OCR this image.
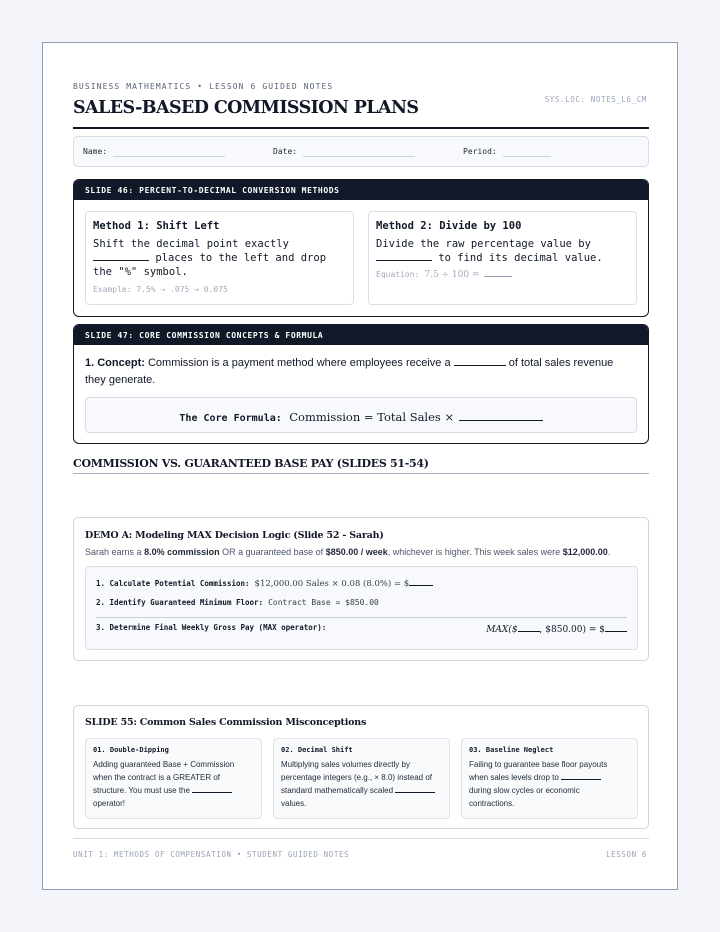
BUSINESS MATHEMATICS • LESSON 6 GUIDED NOTES
SYS.LOC: NOTES_L6_CM
SALES-BASED COMMISSION PLANS
Name:	Date:	Period:
SLIDE 46: PERCENT-TO-DECIMAL CONVERSION METHODS
Method 1: Shift Left
Shift the decimal point exactly
places to the left and drop
the "%" symbol.
Example: 7.5% → .075 → 0.075
Method 2: Divide by 100
Divide the raw percentage value by
to find its decimal value.
Equation: 7.5 ÷ 100 =
SLIDE 47: CORE COMMISSION CONCEPTS & FORMULA
1. Concept: Commission is a payment method where employees receive a	of total sales revenue they generate.
The Core Formula: Commission = Total Sales ×
COMMISSION VS. GUARANTEED BASE PAY (SLIDES 51-54)
DEMO A: Modeling MAX Decision Logic (Slide 52 - Sarah)
Sarah earns a 8.0% commission OR a guaranteed base of $850.00 / week, whichever is higher. This week sales were $12,000.00.
1. Calculate Potential Commission: $12,000.00 Sales × 0.08 (8.0%) = $
2. Identify Guaranteed Minimum Floor: Contract Base = $850.00
3. Determine Final Weekly Gross Pay (MAX operator):	MAX($ , $850.00) = $
SLIDE 55: Common Sales Commission Misconceptions
01. Double-Dipping
Adding guaranteed Base + Commission
when the contract is a GREATER of
structure. You must use the
operator!
02. Decimal Shift
Multiplying sales volumes directly by
percentage integers (e.g., × 8.0) instead of
standard mathematically scaled
values.
03. Baseline Neglect
Failing to guarantee base floor payouts
when sales levels drop to
during slow cycles or economic
contractions.
UNIT 1: METHODS OF COMPENSATION • STUDENT GUIDED NOTES	LESSON 6
